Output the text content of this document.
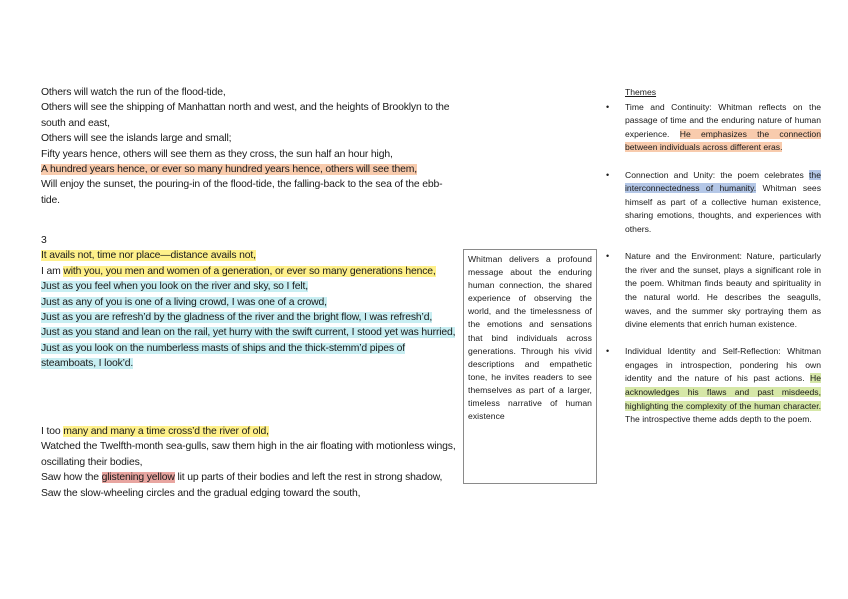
Others will watch the run of the flood-tide,
Others will see the shipping of Manhattan north and west, and the heights of Brooklyn to the south and east,
Others will see the islands large and small;
Fifty years hence, others will see them as they cross, the sun half an hour high,
A hundred years hence, or ever so many hundred years hence, others will see them,
Will enjoy the sunset, the pouring-in of the flood-tide, the falling-back to the sea of the ebb-tide.
3
It avails not, time nor place—distance avails not,
I am with you, you men and women of a generation, or ever so many generations hence,
Just as you feel when you look on the river and sky, so I felt,
Just as any of you is one of a living crowd, I was one of a crowd,
Just as you are refresh’d by the gladness of the river and the bright flow, I was refresh’d,
Just as you stand and lean on the rail, yet hurry with the swift current, I stood yet was hurried,
Just as you look on the numberless masts of ships and the thick-stemm’d pipes of steamboats, I look’d.
I too many and many a time cross’d the river of old,
Watched the Twelfth-month sea-gulls, saw them high in the air floating with motionless wings, oscillating their bodies,
Saw how the glistening yellow lit up parts of their bodies and left the rest in strong shadow,
Saw the slow-wheeling circles and the gradual edging toward the south,
Whitman delivers a profound message about the enduring human connection, the shared experience of observing the world, and the timelessness of the emotions and sensations that bind individuals across generations. Through his vivid descriptions and empathetic tone, he invites readers to see themselves as part of a larger, timeless narrative of human existence
Themes
• Time and Continuity: Whitman reflects on the passage of time and the enduring nature of human experience. He emphasizes the connection between individuals across different eras.
• Connection and Unity: the poem celebrates the interconnectedness of humanity. Whitman sees himself as part of a collective human existence, sharing emotions, thoughts, and experiences with others.
• Nature and the Environment: Nature, particularly the river and the sunset, plays a significant role in the poem. Whitman finds beauty and spirituality in the natural world. He describes the seagulls, waves, and the summer sky portraying them as divine elements that enrich human existence.
• Individual Identity and Self-Reflection: Whitman engages in introspection, pondering his own identity and the nature of his past actions. He acknowledges his flaws and past misdeeds, highlighting the complexity of the human character. The introspective theme adds depth to the poem.
